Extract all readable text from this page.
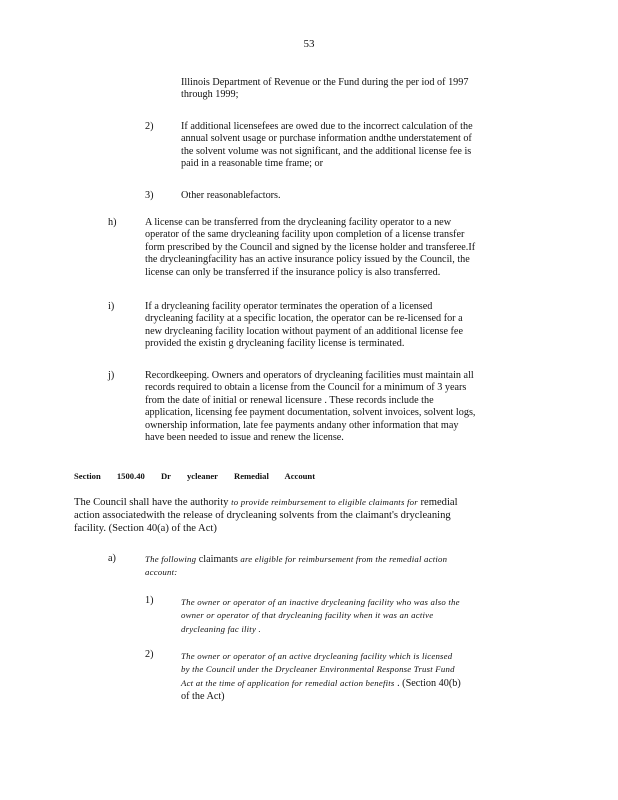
53
Illinois Department of Revenue or the Fund during the per iod of 1997
through 1999;
2)	If additional licensefees are owed due to the incorrect calculation of the
annual solvent usage or purchase information andthe understatement of
the solvent volume was not significant, and the additional license fee is
paid in a reasonable time frame; or
3)	Other reasonablefactors.
h)	A license can be transferred from the drycleaning facility operator to a new
operator of the same drycleaning facility upon completion of a license transfer
form prescribed by the Council and signed by the license holder and transferee.If
the drycleaningfacility has an active insurance policy issued by the Council, the
license can only be transferred if the insurance policy is also transferred.
i)	If a drycleaning facility operator terminates the operation of a licensed
drycleaning facility at a specific location, the operator can be re-licensed for a
new drycleaning facility location without payment of an additional license fee
provided the existin g drycleaning facility license is terminated.
j)	Recordkeeping. Owners and operators of drycleaning facilities must maintain all
records required to obtain a license from the Council for a minimum of 3 years
from the date of initial or renewal licensure . These records include the
application, licensing fee payment documentation, solvent invoices, solvent logs,
ownership information, late fee payments andany other information that may
have been needed to issue and renew the license.
Section 1500.40 Dr ycleaner Remedial Account
The Council shall have the authority to provide reimbursement to eligible claimants for remedial
action associatedwith the release of drycleaning solvents from the claimant's drycleaning
facility. (Section 40(a) of the Act)
a)	The following claimants are eligible for reimbursement from the remedial action
account:
1)	The owner or operator of an inactive drycleaning facility who was also the
owner or operator of that drycleaning facility when it was an active
drycleaning fac ility .
2)	The owner or operator of an active drycleaning facility which is licensed
by the Council under the Drycleaner Environmental Response Trust Fund
Act at the time of application for remedial action benefits . (Section 40(b)
of the Act)
